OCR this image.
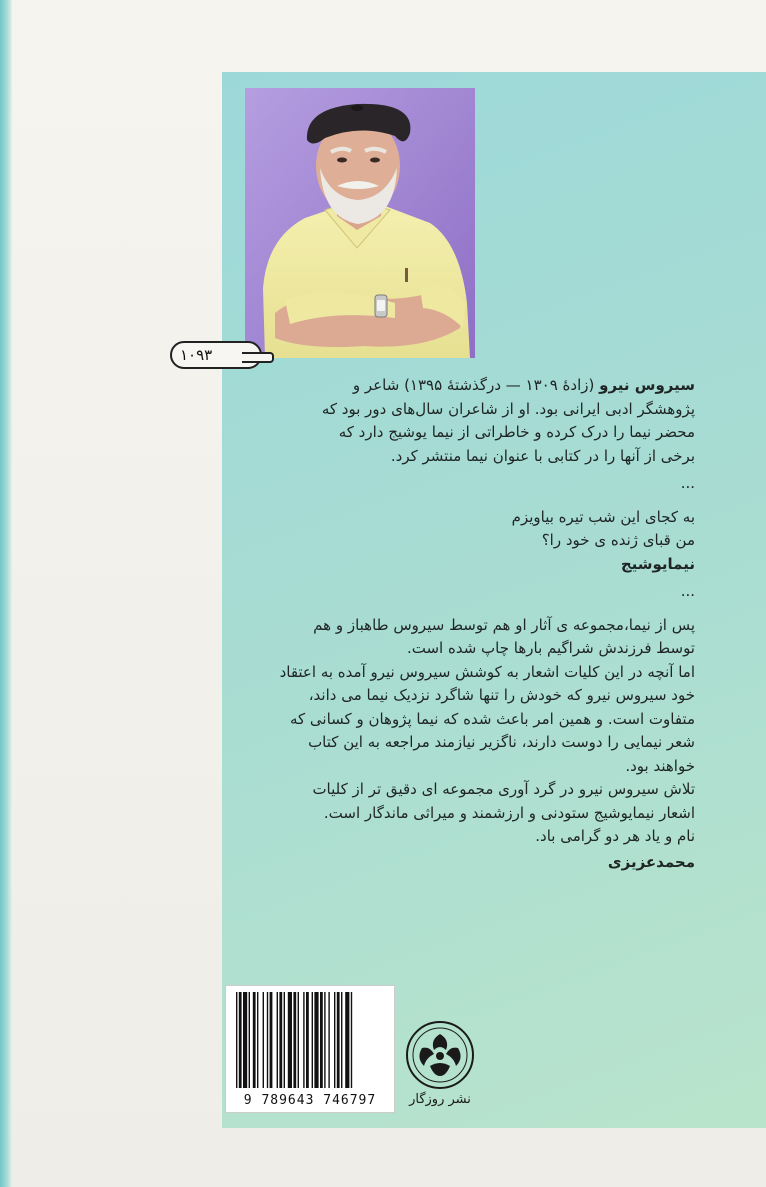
۱۰۹۳

سیروس نیرو (زادهٔ ۱۳۰۹ — درگذشتهٔ ۱۳۹۵) شاعر و

پژوهشگر ادبی ایرانی بود. او از شاعران سال‌های دور بود که

محضر نیما را درک کرده و خاطراتی از نیما یوشیج دارد که

برخی از آنها را در کتابی با عنوان نیما منتشر کرد.

...

به کجای این شب تیره بیاویزم

من قبای ژنده ی خود را؟

نیمایوشیج

...

پس از نیما،مجموعه ی آثار او هم توسط سیروس طاهباز و هم

توسط فرزندش شراگیم بارها چاپ شده است.

اما آنچه در این کلیات اشعار به کوشش سیروس نیرو آمده به اعتقاد

خود سیروس نیرو که خودش را تنها شاگرد نزدیک نیما می داند،

متفاوت است. و همین امر باعث شده که نیما پژوهان و کسانی که

شعر نیمایی را دوست دارند، ناگزیر نیازمند مراجعه به این کتاب

خواهند بود.

تلاش سیروس نیرو در گرد آوری مجموعه ای دقیق تر از کلیات

اشعار نیمایوشیج ستودنی و ارزشمند و میراثی ماندگار است.

نام و یاد هر دو گرامی باد.

محمدعزیزی

9 789643 746797	نشر روزگار
